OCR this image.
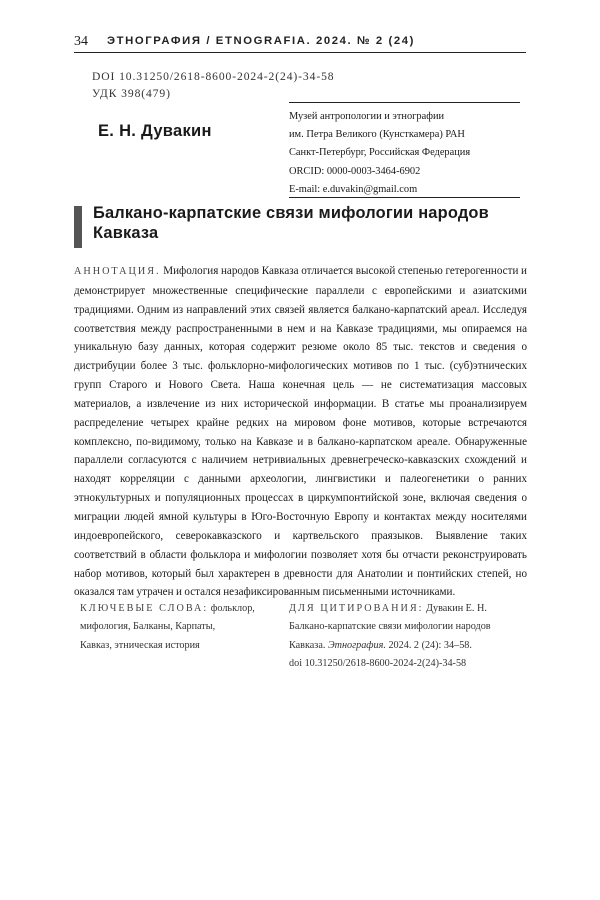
34 ЭТНОГРАФИЯ / ETNOGRAFIA. 2024. № 2 (24)
DOI 10.31250/2618-8600-2024-2(24)-34-58
УДК 398(479)
Е. Н. Дувакин
Музей антропологии и этнографии
им. Петра Великого (Кунсткамера) РАН
Санкт-Петербург, Российская Федерация
ORCID: 0000-0003-3464-6902
E-mail: e.duvakin@gmail.com
Балкано-карпатские связи мифологии народов Кавказа

АННОТАЦИЯ. Мифология народов Кавказа отличается высокой степенью гетерогенности и демонстрирует множественные специфические параллели с европейскими и азиатскими традициями. Одним из направлений этих связей является балкано-карпатский ареал. Исследуя соответствия между распространенными в нем и на Кавказе традициями, мы опираемся на уникальную базу данных, которая содержит резюме около 85 тыс. текстов и сведения о дистрибуции более 3 тыс. фольклорно-мифологических мотивов по 1 тыс. (суб)этнических групп Старого и Нового Света. Наша конечная цель — не систематизация массовых материалов, а извлечение из них исторической информации. В статье мы проанализируем распределение четырех крайне редких на мировом фоне мотивов, которые встречаются комплексно, по-видимому, только на Кавказе и в балкано-карпатском ареале. Обнаруженные параллели согласуются с наличием нетривиальных древнегреческо-кавказских схождений и находят корреляции с данными археологии, лингвистики и палеогенетики о ранних этнокультурных и популяционных процессах в циркумпонтийской зоне, включая сведения о миграции людей ямной культуры в Юго-Восточную Европу и контактах между носителями индоевропейского, северокавказского и картвельского праязыков. Выявление таких соответствий в области фольклора и мифологии позволяет хотя бы отчасти реконструировать набор мотивов, который был характерен в древности для Анатолии и понтийских степей, но оказался там утрачен и остался незафиксированным письменными источниками.

КЛЮЧЕВЫЕ СЛОВА: фольклор,
мифология, Балканы, Карпаты,
Кавказ, этническая история
ДЛЯ ЦИТИРОВАНИЯ: Дувакин Е. Н.
Балкано-карпатские связи мифологии народов
Кавказа. Этнография. 2024. 2 (24): 34–58.
doi 10.31250/2618-8600-2024-2(24)-34-58
